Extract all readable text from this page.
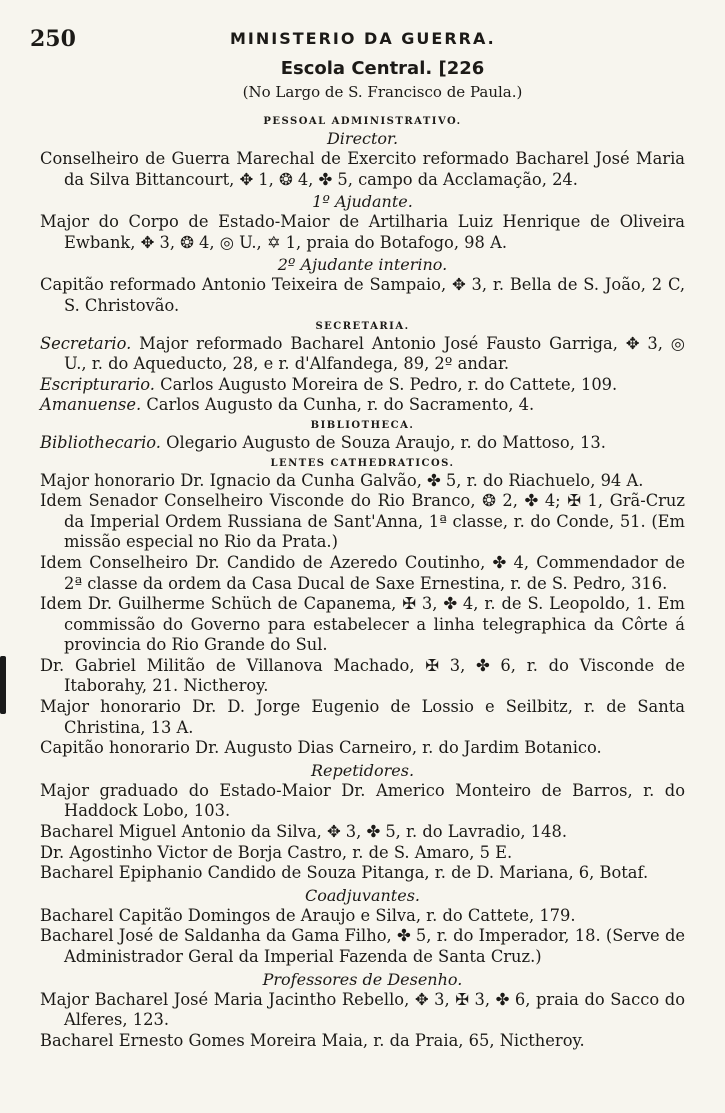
250	MINISTERIO DA GUERRA.
Escola Central. [226
(No Largo de S. Francisco de Paula.)
PESSOAL ADMINISTRATIVO.
Director.

Conselheiro de Guerra Marechal de Exercito reformado Bacharel José Maria da Silva Bittancourt, ✥ 1, ❂ 4, ✤ 5, campo da Acclamação, 24.

1º Ajudante.

Major do Corpo de Estado-Maior de Artilharia Luiz Henrique de Oliveira Ewbank, ✥ 3, ❂ 4, ◎ U., ✡ 1, praia do Botafogo, 98 A.

2º Ajudante interino.

Capitão reformado Antonio Teixeira de Sampaio, ✥ 3, r. Bella de S. João, 2 C, S. Christovão.

SECRETARIA.

Secretario. Major reformado Bacharel Antonio José Fausto Garriga, ✥ 3, ◎ U., r. do Aqueducto, 28, e r. d'Alfandega, 89, 2º andar.

Escripturario. Carlos Augusto Moreira de S. Pedro, r. do Cattete, 109.

Amanuense. Carlos Augusto da Cunha, r. do Sacramento, 4.

BIBLIOTHECA.

Bibliothecario. Olegario Augusto de Souza Araujo, r. do Mattoso, 13.

LENTES CATHEDRATICOS.

Major honorario Dr. Ignacio da Cunha Galvão, ✤ 5, r. do Riachuelo, 94 A.

Idem Senador Conselheiro Visconde do Rio Branco, ❂ 2, ✤ 4; ✠ 1, Grã-Cruz da Imperial Ordem Russiana de Sant'Anna, 1ª classe, r. do Conde, 51. (Em missão especial no Rio da Prata.)

Idem Conselheiro Dr. Candido de Azeredo Coutinho, ✤ 4, Commendador de 2ª classe da ordem da Casa Ducal de Saxe Ernestina, r. de S. Pedro, 316.

Idem Dr. Guilherme Schüch de Capanema, ✠ 3, ✤ 4, r. de S. Leopoldo, 1. Em commissão do Governo para estabelecer a linha telegraphica da Côrte á provincia do Rio Grande do Sul.

Dr. Gabriel Militão de Villanova Machado, ✠ 3, ✤ 6, r. do Visconde de Itaborahy, 21. Nictheroy.

Major honorario Dr. D. Jorge Eugenio de Lossio e Seilbitz, r. de Santa Christina, 13 A.

Capitão honorario Dr. Augusto Dias Carneiro, r. do Jardim Botanico.

Repetidores.

Major graduado do Estado-Maior Dr. Americo Monteiro de Barros, r. do Haddock Lobo, 103.

Bacharel Miguel Antonio da Silva, ✥ 3, ✤ 5, r. do Lavradio, 148.

Dr. Agostinho Victor de Borja Castro, r. de S. Amaro, 5 E.

Bacharel Epiphanio Candido de Souza Pitanga, r. de D. Mariana, 6, Botaf.

Coadjuvantes.

Bacharel Capitão Domingos de Araujo e Silva, r. do Cattete, 179.

Bacharel José de Saldanha da Gama Filho, ✤ 5, r. do Imperador, 18. (Serve de Administrador Geral da Imperial Fazenda de Santa Cruz.)

Professores de Desenho.

Major Bacharel José Maria Jacintho Rebello, ✥ 3, ✠ 3, ✤ 6, praia do Sacco do Alferes, 123.

Bacharel Ernesto Gomes Moreira Maia, r. da Praia, 65, Nictheroy.
